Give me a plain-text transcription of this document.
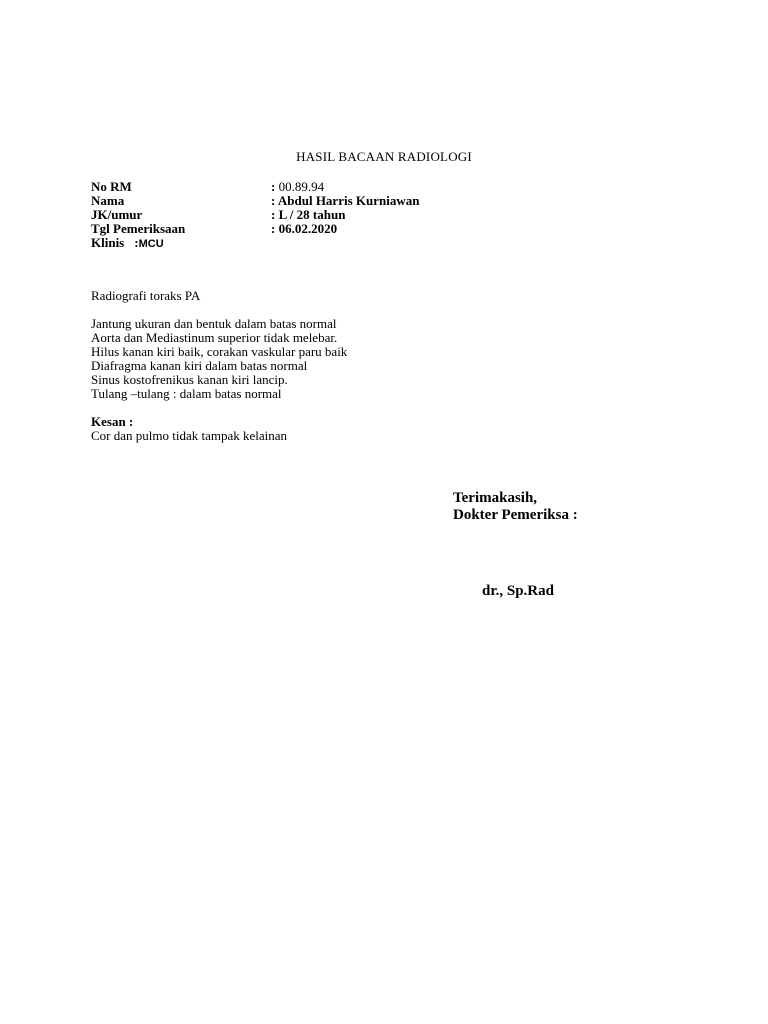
HASIL BACAAN RADIOLOGI
No RM	: 00.89.94
Nama	: Abdul Harris Kurniawan
JK/umur	: L / 28 tahun
Tgl Pemeriksaan	: 06.02.2020
Klinis :MCU
Radiografi toraks PA
Jantung ukuran dan bentuk dalam batas normal
Aorta dan Mediastinum superior tidak melebar.
Hilus kanan kiri baik, corakan vaskular paru baik
Diafragma kanan kiri dalam batas normal
Sinus kostofrenikus kanan kiri lancip.
Tulang –tulang : dalam batas normal
Kesan :
Cor dan pulmo tidak tampak kelainan
Terimakasih,
Dokter Pemeriksa :
dr., Sp.Rad
